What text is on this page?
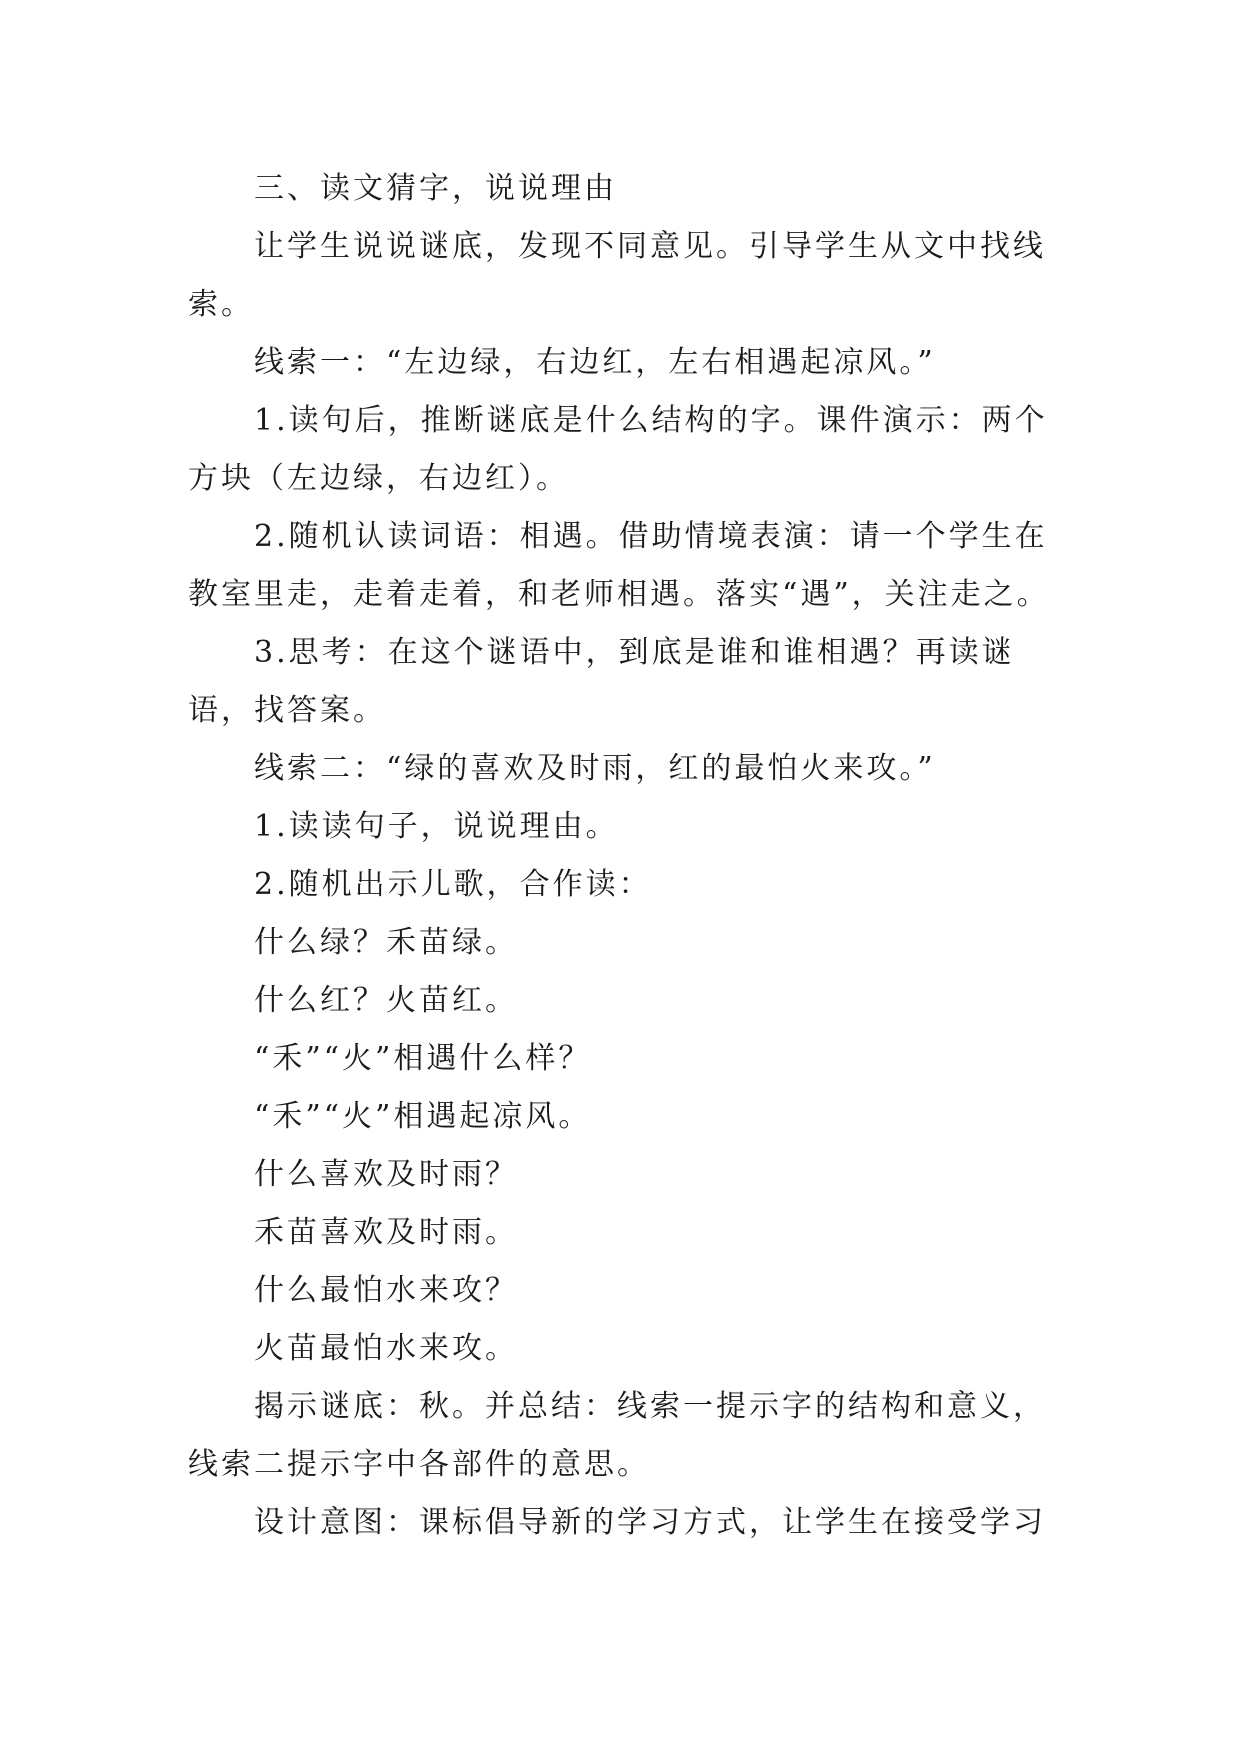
三、读文猜字，说说理由

让学生说说谜底，发现不同意见。引导学生从文中找线索。

线索一：“左边绿，右边红，左右相遇起凉风。”

1.读句后，推断谜底是什么结构的字。课件演示：两个方块（左边绿，右边红）。

2.随机认读词语：相遇。借助情境表演：请一个学生在教室里走，走着走着，和老师相遇。落实“遇”，关注走之。

3.思考：在这个谜语中，到底是谁和谁相遇？再读谜语，找答案。

线索二：“绿的喜欢及时雨，红的最怕火来攻。”

1.读读句子，说说理由。

2.随机出示儿歌，合作读：

什么绿？禾苗绿。

什么红？火苗红。

“禾”“火”相遇什么样？

“禾”“火”相遇起凉风。

什么喜欢及时雨？

禾苗喜欢及时雨。

什么最怕水来攻？

火苗最怕水来攻。

揭示谜底：秋。并总结：线索一提示字的结构和意义，线索二提示字中各部件的意思。

设计意图：课标倡导新的学习方式，让学生在接受学习
